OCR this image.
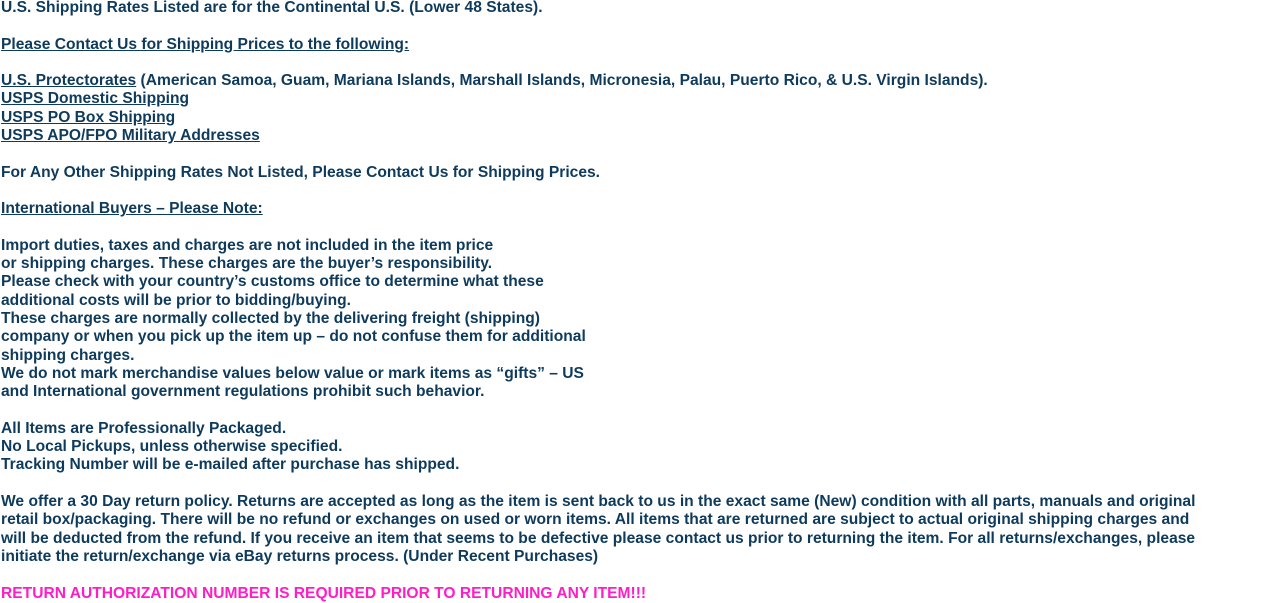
U.S. Shipping Rates Listed are for the Continental U.S. (Lower 48 States).
Please Contact Us for Shipping Prices to the following:
U.S. Protectorates (American Samoa, Guam, Mariana Islands, Marshall Islands, Micronesia, Palau, Puerto Rico, & U.S. Virgin Islands).
USPS Domestic Shipping
USPS PO Box Shipping
USPS APO/FPO Military Addresses
For Any Other Shipping Rates Not Listed, Please Contact Us for Shipping Prices.
International Buyers – Please Note:
Import duties, taxes and charges are not included in the item price
or shipping charges. These charges are the buyer’s responsibility.
Please check with your country’s customs office to determine what these
additional costs will be prior to bidding/buying.
These charges are normally collected by the delivering freight (shipping)
company or when you pick up the item up – do not confuse them for additional
shipping charges.
We do not mark merchandise values below value or mark items as “gifts” – US
and International government regulations prohibit such behavior.
All Items are Professionally Packaged.
No Local Pickups, unless otherwise specified.
Tracking Number will be e-mailed after purchase has shipped.
We offer a 30 Day return policy. Returns are accepted as long as the item is sent back to us in the exact same (New) condition with all parts, manuals and original
retail box/packaging. There will be no refund or exchanges on used or worn items. All items that are returned are subject to actual original shipping charges and
will be deducted from the refund. If you receive an item that seems to be defective please contact us prior to returning the item. For all returns/exchanges, please
initiate the return/exchange via eBay returns process. (Under Recent Purchases)
RETURN AUTHORIZATION NUMBER IS REQUIRED PRIOR TO RETURNING ANY ITEM!!!
